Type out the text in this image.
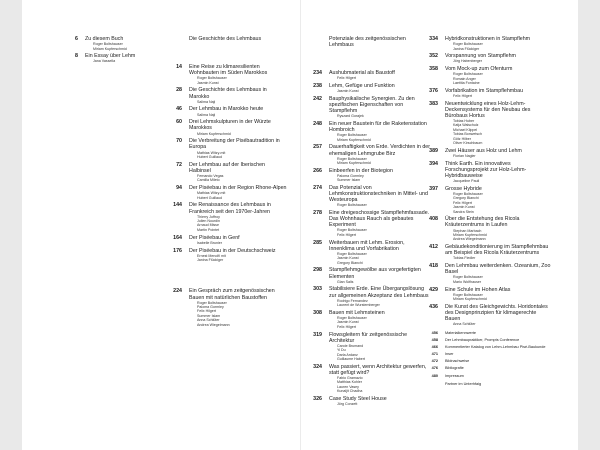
6 Zu diesem Buch
Roger Boltshauser
Miriam Kupferschmid
8 Ein Essay über Lehm
Jana Vassella
Die Geschichte des Lehmbaus
14 Eine Reise zu klimaresilienten Wohnbauten im Süden Marokkos
Roger Boltshauser
Jasmin Kunst
28 Die Geschichte des Lehmbaus in Marokko
Salima Naji
46 Der Lehmbau in Marokko heute
Salima Naji
60 Drei Lehmskulpturen in der Würzte Marokkos
Miriam Kupferschmid
70 Die Verbreitung der Pisébautradition in Europa
Mathias Witzy-mit
Hubert Guillaud
72 Der Lehmbau auf der Iberischen Halbinsel
Fernando Vegas
Camilla Mileto
94 Der Piséebau in der Region Rhone-Alpen
Mathias Witzy-mit
Hubert Guillaud
144 Die Renaissance des Lehmbaus in Frankreich seit den 1970er-Jahren
Thierry Joffroy
Julien Nourdin
Arnaud Misse
Martin Pointet
164 Der Piséebau in Genf
Isabelle Brunier
176 Der Piséebau in der Deutschschweiz
Ernest Menolfi mit
Janina Flückiger
224 Ein Gespräch zum zeitgenössischen Bauen mit natürlichen Baustoffen
Roger Boltshauser
Paloma Gormley
Felix Hilgert
Summer Islam
Anna Schlüter
Andrea Wiegelmann
Potenziale des zeitgenössischen Lehmbaus
234 Aushubmaterial als Baustoff
Felix Hilgert
238 Lehm, Gefüge und Funktion
Jasmin Kunst
242 Bauphysikalische Synergien. Zu den spezifischen Eigenschaften von Stampflehm
Ryszard Gorajek
248 Ein neuer Baustein für die Raketenstation Hombroich
Roger Boltshauser
Miriam Kupferschmid
257 Dauerhaftigkeit von Erde. Verdichten in der ehemaligen Lehmgrube Birz
Roger Boltshauser
Miriam Kupferschmid
266 Einbeerfen in der Biotegion
Paloma Gormley
Summer Islam
274 Das Potenzial von Lehmkonstruktionstechniken in Mittel- und Westeuropa
Roger Boltshauser
278 Eine dreigeschossige Stampflehmfassade. Das Wohnhaus Rauch als gebautes Experiment
Roger Boltshauser
Felix Hilgert
285 Weiterbauen mit Lehm. Erosion, Innenklima und Vorfabrikation
Roger Boltshauser
Jasmin Kunst
Gregory Bianchi
298 Stampflehmgewölbe aus vorgefertigten Elementen
Gian Salis
303 Stabilisiere Erde. Eine Übergangslösung zur allgemeinen Akzeptanz des Lehmbaus
Rodrigo Fernandez
Laurent de Wurstemberger
308 Bauen mit Lehmsteinen
Roger Boltshauser
Jasmin Kunst
Felix Hilgert
319 Flowsgleitern für zeitgenössische Architektur
Carole Brumand
Yi Du
Darla Ardanz
Guillaume Habert
324 Was passiert, wenn Architektur gewerfen, statt gefügt wird?
Fabio Gramazio
Matthias Kohler
Lauren Vasey
Kunaljit Chadha
326 Case Study Steel House
Jörg Conzett
334 Hybridkonstruktionen in Stampflehm
Roger Boltshauser
Janina Flückiger
352 Vorspannung von Stampflehm
Jörg Habenberger
358 Vom Mock-up zum Ofenturm
Roger Boltshauser
Romain Anger
Laetitia Fontaine
376 Vorfabrikation im Stampflehmbau
Felix Hilgert
383 Neuentwicklung eines Holz-Lehm-Deckensystems für den Neubau des Bürobaus Hortus
Tobias Huber
Katja Walschulz
Michael Klippel
Tobias Bonwetsch
Götz Hilber
Oliver Kirschbaum
389 Zwei Häuser aus Holz und Lehm
Florian Nagler
394 Think Earth. Ein innovatives Forschungsprojekt zur Holz-Lehm-Hybridbauweise
Jacqueline Pauli
397 Grosse Hybride
Roger Boltshauser
Gregory Bianchi
Felix Hilgert
Jasmin Kunst
Sandra Stein
408 Über die Entstehung des Ricola Kräuterzentrums in Laufen
Stephan Marbach
Miriam Kupferschmid
Andrea Wiegelmann
412 Gebäudekonditionierung im Stampflehmbau am Beispiel des Ricola Kräuterzentrums
Tobias Fiedler
418 Den Lehmbau weiterdenken. Ozeanium, Zoo Basel
Roger Boltshauser
Mario Wolfhauser
429 Eine Schule im Hohen Atlas
Roger Boltshauser
Miriam Kupferschmid
436 Die Kunst des Gleichgewichts. Horidontales des Designprinzipien für klimagerechte Bauen
Anna Schlüter
456 Materialkennwerte
458 Der Lehmbaupraktiker, Prompts Conference
466 Kommentierter Katalog von Lehm-Lehmbau Pisé-Baukunde
471 Inser
472 Bildnachweise
476 Bibliografie
480 Impressum
Partner im Unterhfaig
